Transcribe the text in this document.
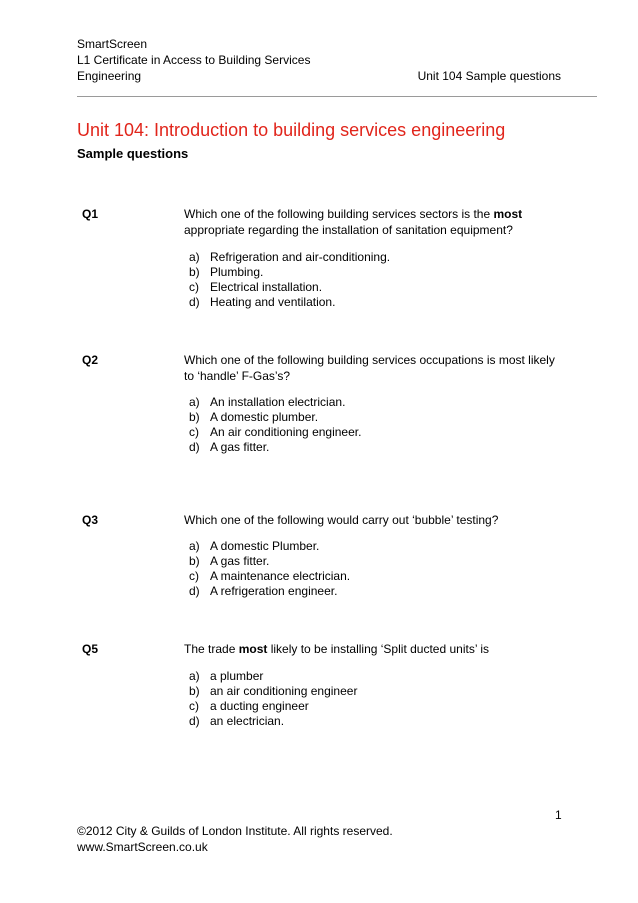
SmartScreen
L1 Certificate in Access to Building Services
Engineering	Unit 104 Sample questions
Unit 104: Introduction to building services engineering
Sample questions
Q1	Which one of the following building services sectors is the most appropriate regarding the installation of sanitation equipment?
a) Refrigeration and air-conditioning.
b) Plumbing.
c) Electrical installation.
d) Heating and ventilation.
Q2	Which one of the following building services occupations is most likely to ‘handle’ F-Gas’s?
a) An installation electrician.
b) A domestic plumber.
c) An air conditioning engineer.
d) A gas fitter.
Q3	Which one of the following would carry out ‘bubble’ testing?
a) A domestic Plumber.
b) A gas fitter.
c) A maintenance electrician.
d) A refrigeration engineer.
Q5	The trade most likely to be installing ‘Split ducted units’ is
a) a plumber
b) an air conditioning engineer
c) a ducting engineer
d) an electrician.
1
©2012 City & Guilds of London Institute. All rights reserved.
www.SmartScreen.co.uk
